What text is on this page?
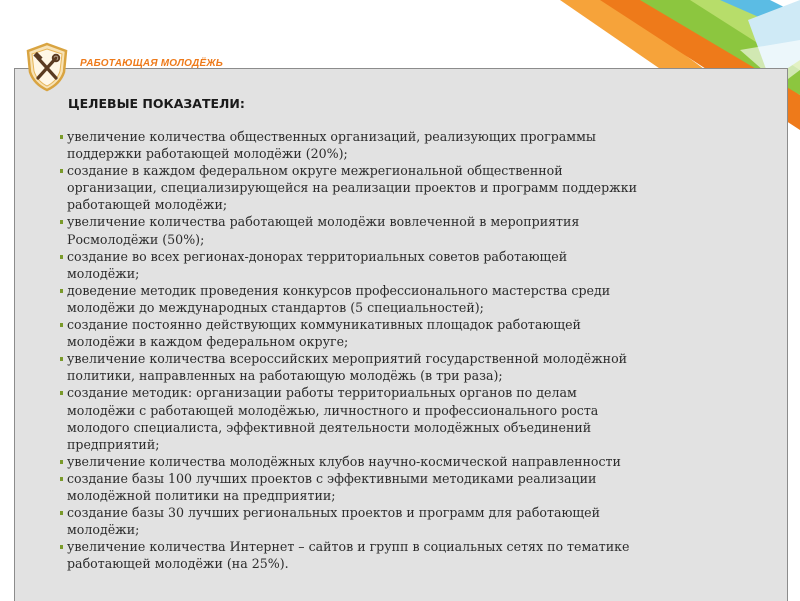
РАБОТАЮЩАЯ МОЛОДЁЖЬ
ЦЕЛЕВЫЕ ПОКАЗАТЕЛИ:
увеличение количества общественных организаций, реализующих программы
поддержки работающей молодёжи (20%);
создание в каждом федеральном округе межрегиональной общественной
организации, специализирующейся на реализации проектов и программ поддержки
работающей молодёжи;
увеличение количества работающей молодёжи вовлеченной в мероприятия
Росмолодёжи (50%);
создание во всех регионах-донорах территориальных советов работающей
молодёжи;
доведение методик проведения конкурсов профессионального мастерства среди
молодёжи до международных стандартов (5 специальностей);
создание постоянно действующих коммуникативных площадок работающей
молодёжи в каждом федеральном округе;
увеличение количества всероссийских мероприятий государственной молодёжной
политики, направленных на работающую молодёжь (в три раза);
создание методик: организации работы территориальных органов по делам
молодёжи с работающей молодёжью, личностного и профессионального роста
молодого специалиста, эффективной деятельности молодёжных объединений
предприятий;
увеличение количества молодёжных клубов научно-космической направленности
создание базы 100 лучших проектов с эффективными методиками реализации
молодёжной политики на предприятии;
создание базы 30 лучших региональных проектов и программ для работающей
молодёжи;
увеличение количества Интернет – сайтов и групп в социальных сетях по тематике
работающей молодёжи (на 25%).
